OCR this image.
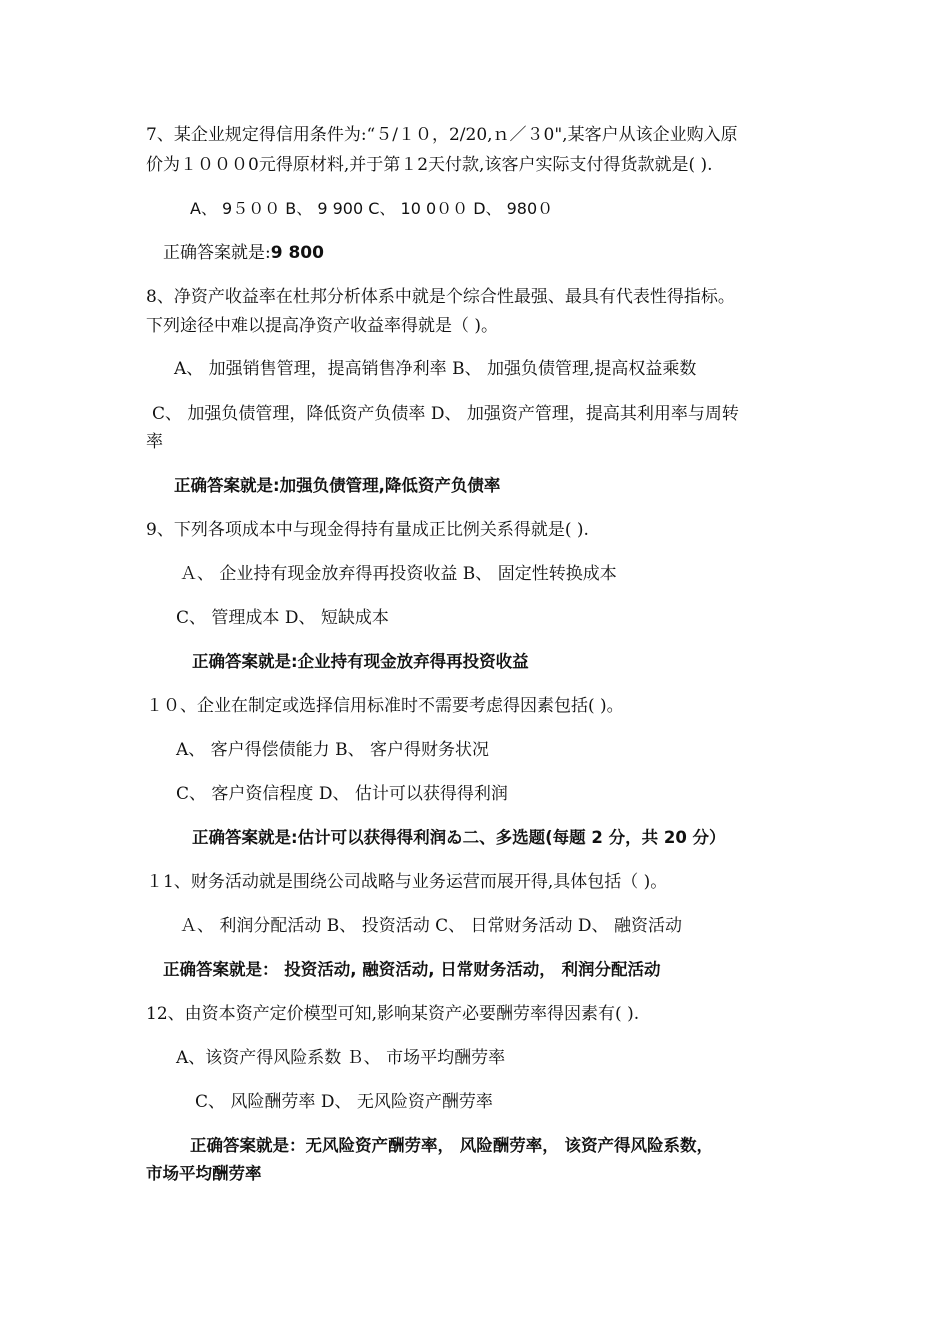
7、某企业规定得信用条件为:“５/１０，2/20,ｎ／３0",某客户从该企业购入原
价为１０００0元得原材料,并于第１2天付款,该客户实际支付得货款就是( ).
A、 9５００ B、 9 900 C、 10 0００ D、 980０
正确答案就是:9 800
8、净资产收益率在杜邦分析体系中就是个综合性最强、最具有代表性得指标。
下列途径中难以提高净资产收益率得就是（ )。
A、 加强销售管理，提高销售净利率 B、 加强负债管理,提高权益乘数
C、 加强负债管理，降低资产负债率 D、 加强资产管理，提高其利用率与周转
率
正确答案就是:加强负债管理,降低资产负债率
9、下列各项成本中与现金得持有量成正比例关系得就是( ).
Ａ、 企业持有现金放弃得再投资收益 B、 固定性转换成本
C、 管理成本 D、 短缺成本
正确答案就是:企业持有现金放弃得再投资收益
１０、企业在制定或选择信用标准时不需要考虑得因素包括( )。
A、 客户得偿债能力 B、 客户得财务状况
C、 客户资信程度 D、 估计可以获得得利润
正确答案就是:估计可以获得得利润ゐ二、多选题(每题 2 分，共 20 分）
１1、财务活动就是围绕公司战略与业务运营而展开得,具体包括（ )。
Ａ、 利润分配活动 B、 投资活动 C、 日常财务活动 D、 融资活动
正确答案就是： 投资活动, 融资活动, 日常财务活动， 利润分配活动
12、由资本资产定价模型可知,影响某资产必要酬劳率得因素有( ).
A、该资产得风险系数 Ｂ、 市场平均酬劳率
C、 风险酬劳率 D、 无风险资产酬劳率
正确答案就是：无风险资产酬劳率， 风险酬劳率， 该资产得风险系数，
市场平均酬劳率
